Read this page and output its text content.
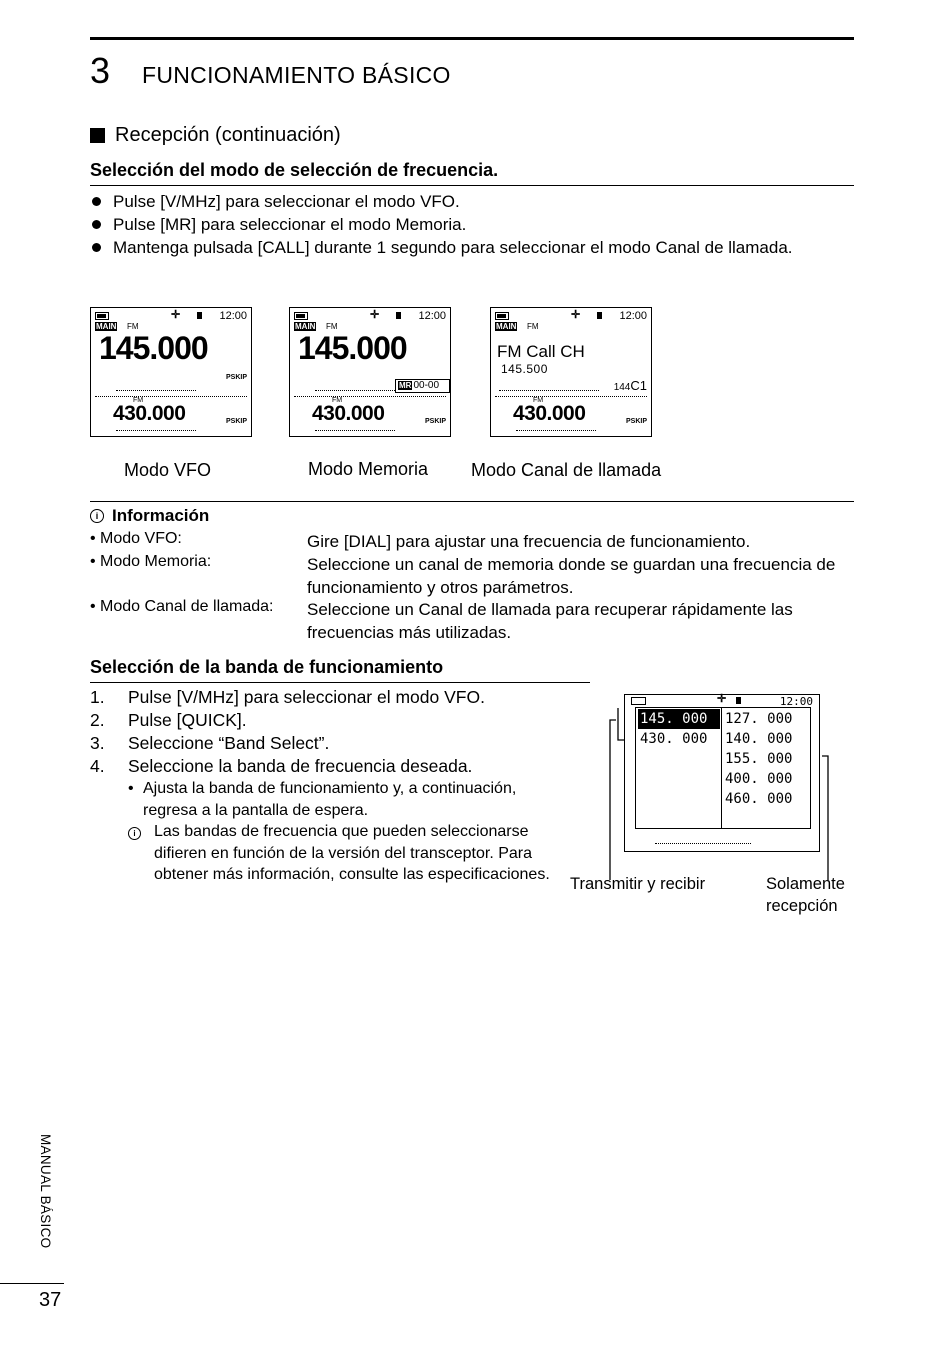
3 FUNCIONAMIENTO BÁSICO
Recepción (continuación)
Selección del modo de selección de frecuencia.
Pulse [V/MHz] para seleccionar el modo VFO.
Pulse [MR] para seleccionar el modo Memoria.
Mantenga pulsada [CALL] durante 1 segundo para seleccionar el modo Canal de llamada.
✛	12:00
MAIN FM
145.000
PSKIP
FM
430.000	PSKIP
✛	12:00
MAIN FM
145.000
MR 00-00
FM
430.000	PSKIP
✛	12:00
MAIN FM
FM Call CH
145.500
144C1
FM
430.000	PSKIP
Modo VFO	Modo Memoria Modo Canal de llamada
i Información
• Modo VFO:	Gire [DIAL] para ajustar una frecuencia de funcionamiento.
• Modo Memoria:	Seleccione un canal de memoria donde se guardan una frecuencia de funcionamiento y otros parámetros.
• Modo Canal de llamada: Seleccione un Canal de llamada para recuperar rápidamente las frecuencias más utilizadas.
Selección de la banda de funcionamiento
1.	Pulse [V/MHz] para seleccionar el modo VFO.
2.	Pulse [QUICK].
3.	Seleccione “Band Select”.
4.	Seleccione la banda de frecuencia deseada.
• Ajusta la banda de funcionamiento y, a continuación, regresa a la pantalla de espera.
i	Las bandas de frecuencia que pueden seleccionarse difieren en función de la versión del transceptor. Para obtener más información, consulte las especificaciones.
✛	12:00
145. 000
430. 000
127. 000
140. 000
155. 000
400. 000
460. 000
Transmitir y recibir	Solamente
recepción
MANUAL BÁSICO
37
